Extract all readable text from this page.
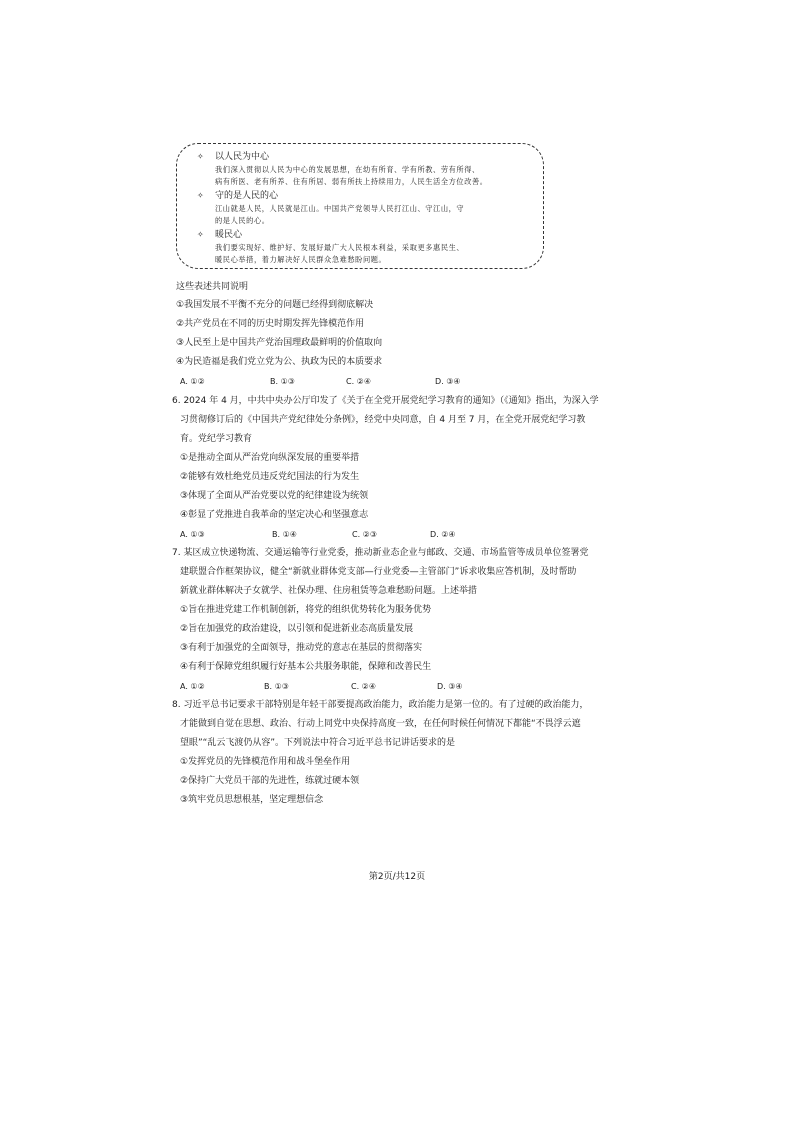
✧ 以人民为中心
我们深入贯彻以人民为中心的发展思想，在幼有所育、学有所教、劳有所得、
病有所医、老有所养、住有所居、弱有所扶上持续用力，人民生活全方位改善。
✧ 守的是人民的心
江山就是人民，人民就是江山。中国共产党领导人民打江山、守江山，守
的是人民的心。
✧ 暖民心
我们要实现好、维护好、发展好最广大人民根本利益，采取更多惠民生、
暖民心举措，着力解决好人民群众急难愁盼问题。
这些表述共同说明
①我国发展不平衡不充分的问题已经得到彻底解决
②共产党员在不同的历史时期发挥先锋模范作用
③人民至上是中国共产党治国理政最鲜明的价值取向
④为民造福是我们党立党为公、执政为民的本质要求
A. ①②	B. ①③	C. ②④	D. ③④
6. 2024 年 4 月，中共中央办公厅印发了《关于在全党开展党纪学习教育的通知》（《通知》指出，为深入学
习贯彻修订后的《中国共产党纪律处分条例》，经党中央同意，自 4 月至 7 月，在全党开展党纪学习教
育。党纪学习教育
①是推动全面从严治党向纵深发展的重要举措
②能够有效杜绝党员违反党纪国法的行为发生
③体现了全面从严治党要以党的纪律建设为统领
④彰显了党推进自我革命的坚定决心和坚强意志
A. ①③	B. ①④	C. ②③	D. ②④
7. 某区成立快递物流、交通运输等行业党委，推动新业态企业与邮政、交通、市场监管等成员单位签署党
建联盟合作框架协议，健全“新就业群体党支部—行业党委—主管部门”诉求收集应答机制，及时帮助
新就业群体解决子女就学、社保办理、住房租赁等急难愁盼问题。上述举措
①旨在推进党建工作机制创新，将党的组织优势转化为服务优势
②旨在加强党的政治建设，以引领和促进新业态高质量发展
③有利于加强党的全面领导，推动党的意志在基层的贯彻落实
④有利于保障党组织履行好基本公共服务职能，保障和改善民生
A. ①②	B. ①③	C. ②④	D. ③④
8. 习近平总书记要求干部特别是年轻干部要提高政治能力，政治能力是第一位的。有了过硬的政治能力，
才能做到自觉在思想、政治、行动上同党中央保持高度一致，在任何时候任何情况下都能“不畏浮云遮
望眼”“乱云飞渡仍从容”。下列说法中符合习近平总书记讲话要求的是
①发挥党员的先锋模范作用和战斗堡垒作用
②保持广大党员干部的先进性，练就过硬本领
③筑牢党员思想根基，坚定理想信念
第2页/共12页
